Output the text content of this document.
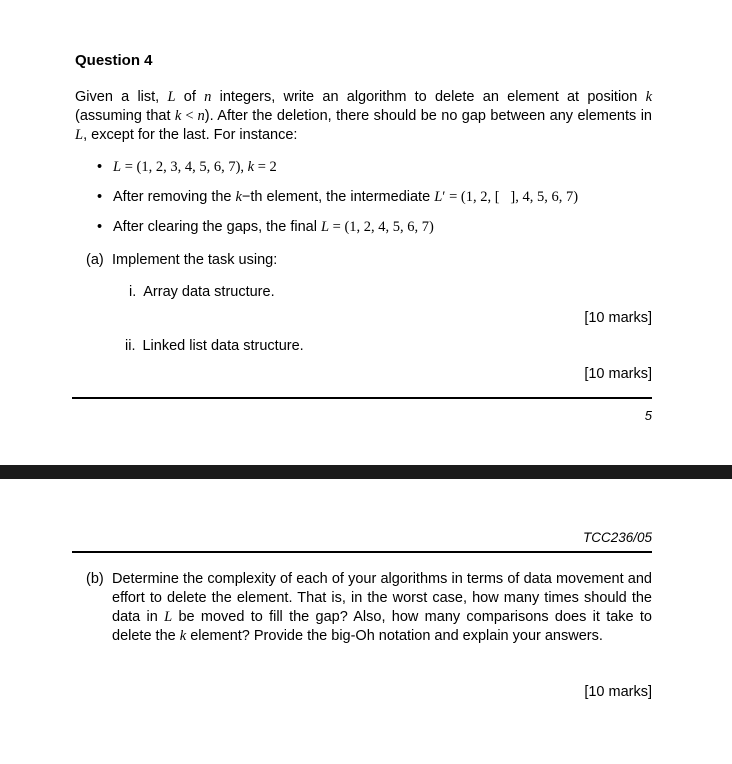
Question 4
Given a list, L of n integers, write an algorithm to delete an element at position k (assuming that k < n). After the deletion, there should be no gap between any elements in L, except for the last. For instance:
• L = (1, 2, 3, 4, 5, 6, 7), k = 2
• After removing the k−th element, the intermediate L′ = (1, 2, [   ], 4, 5, 6, 7)
• After clearing the gaps, the final L = (1, 2, 4, 5, 6, 7)
(a) Implement the task using:
i. Array data structure.
[10 marks]
ii. Linked list data structure.
[10 marks]
5
TCC236/05
(b) Determine the complexity of each of your algorithms in terms of data movement and effort to delete the element. That is, in the worst case, how many times should the data in L be moved to fill the gap? Also, how many comparisons does it take to delete the k element? Provide the big-Oh notation and explain your answers.
[10 marks]
